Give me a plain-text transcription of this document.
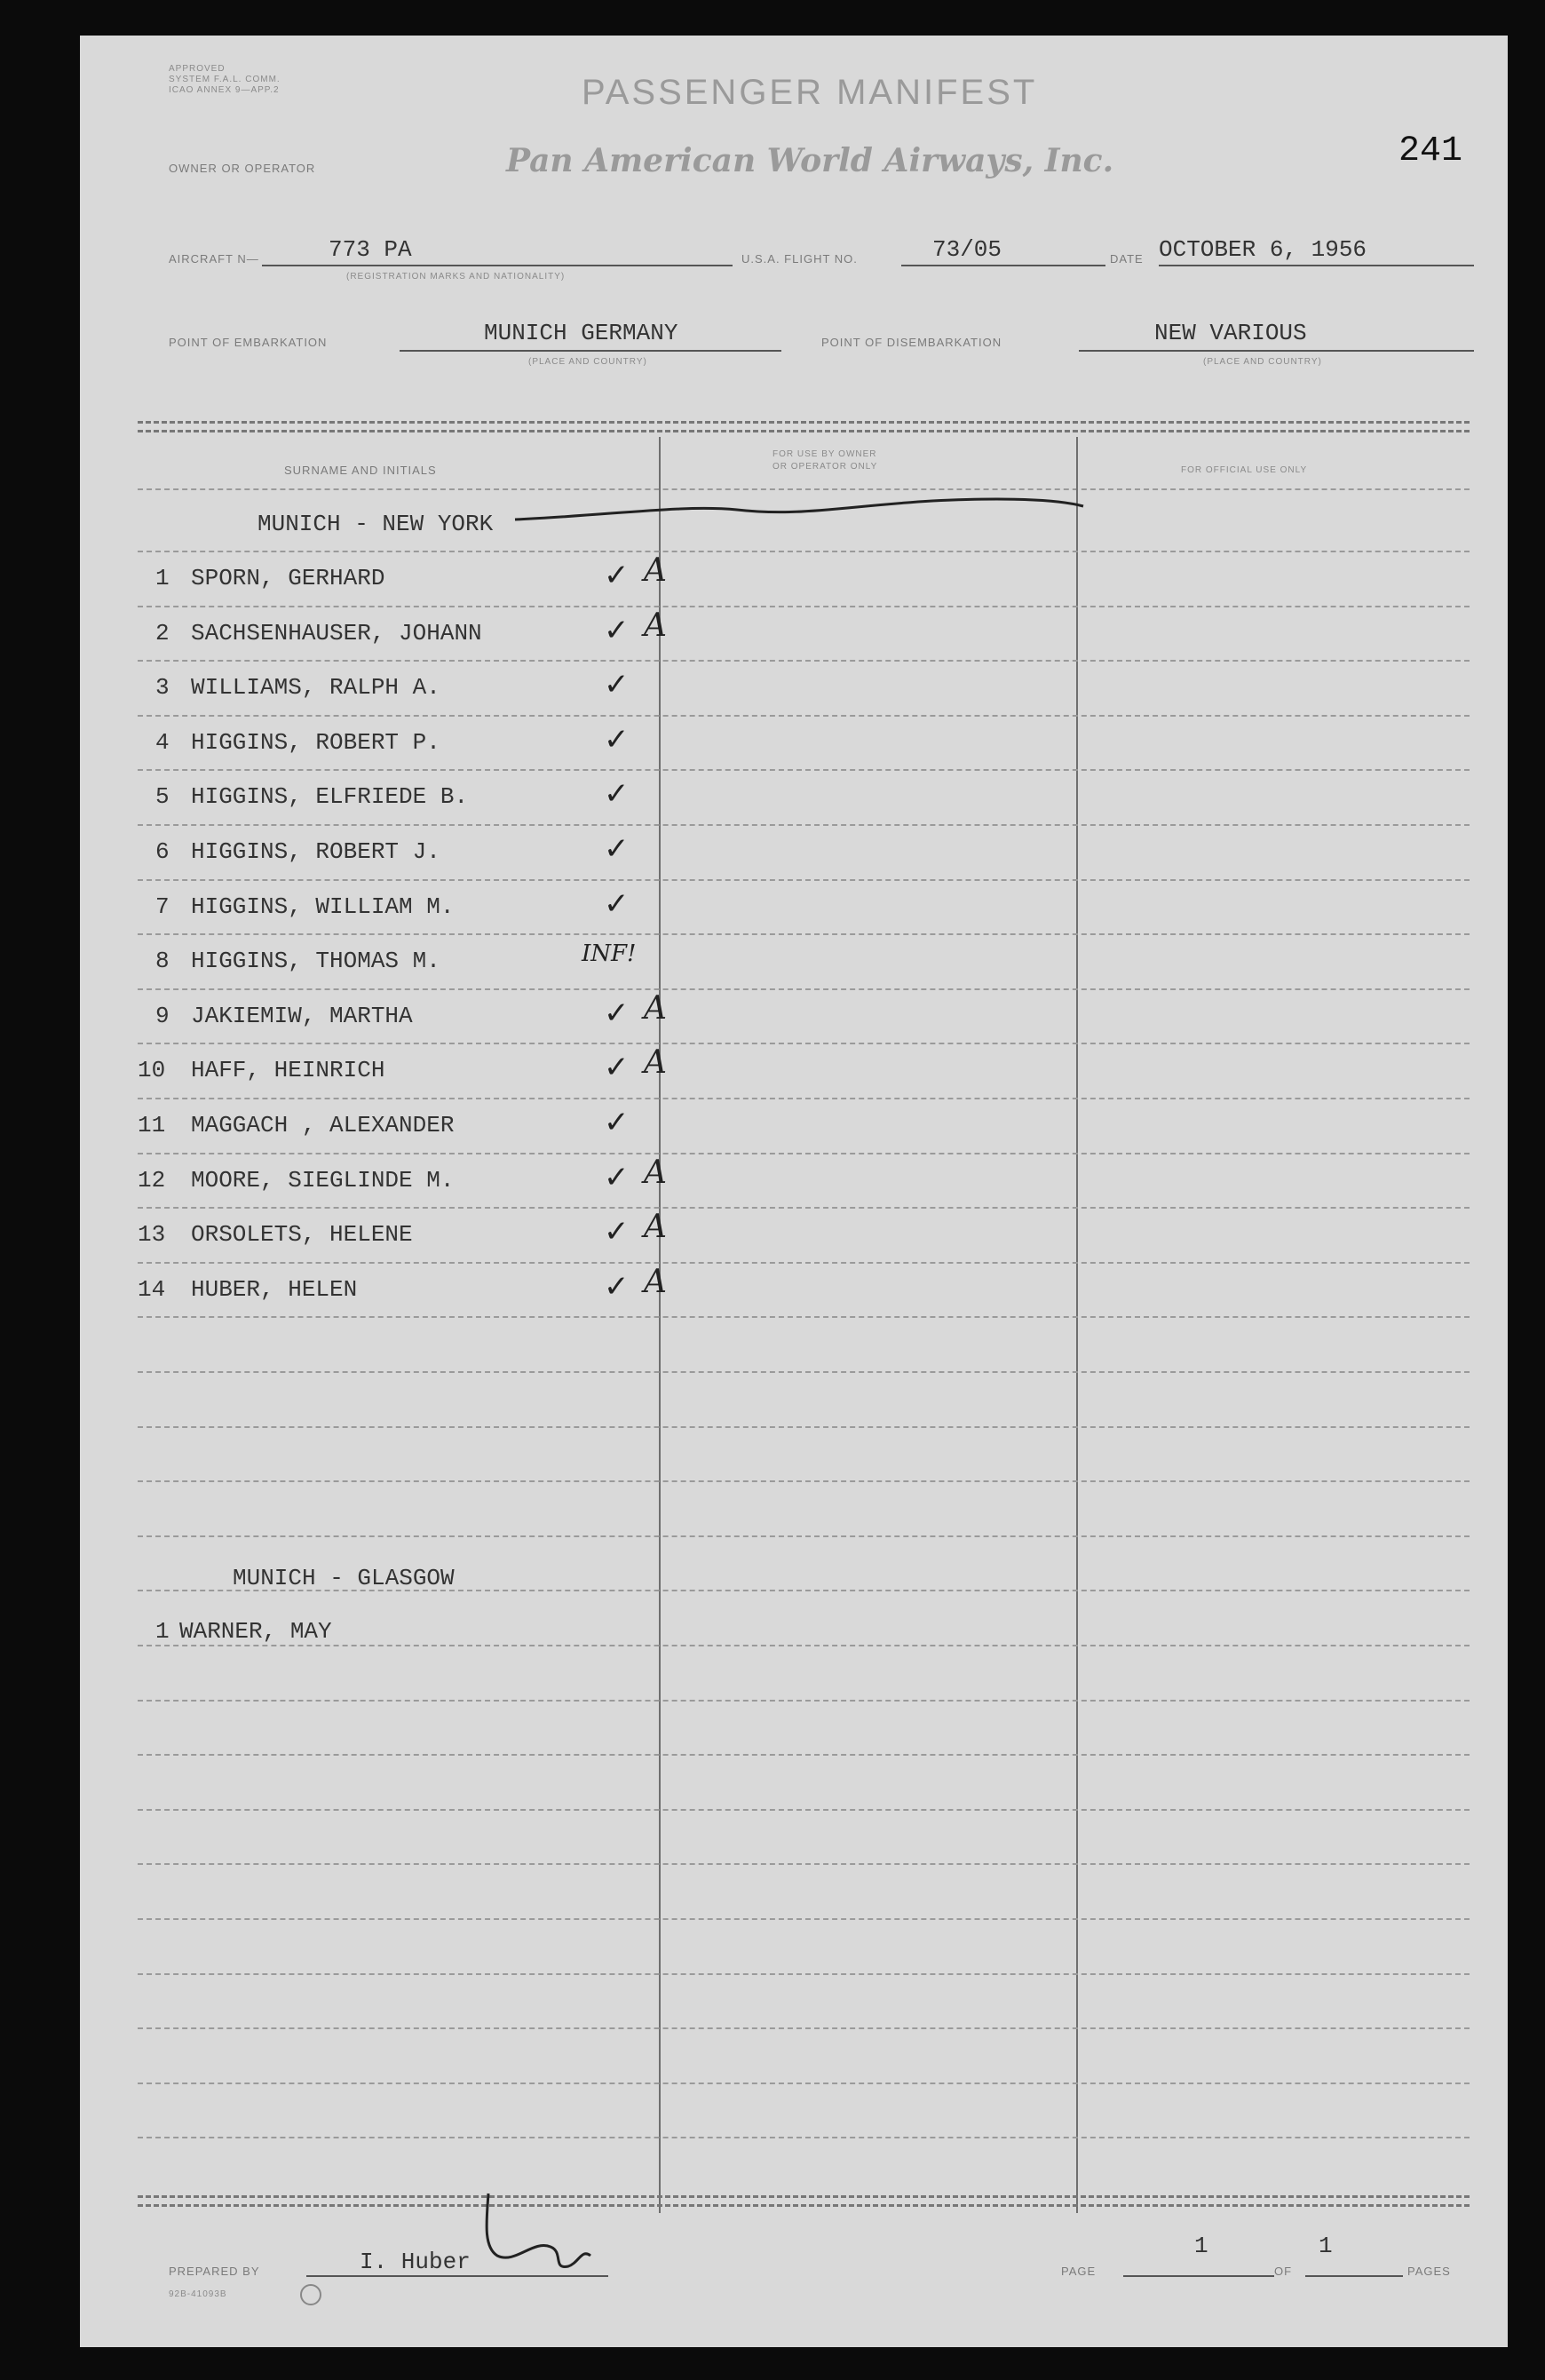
APPROVED
SYSTEM F.A.L. COMM.
ICAO ANNEX 9—APP.2	PASSENGER MANIFEST
241
OWNER OR OPERATOR	Pan American World Airways, Inc.
AIRCRAFT N—	773 PA
(REGISTRATION MARKS AND NATIONALITY)
U.S.A. FLIGHT NO.	73/05	DATE OCTOBER 6, 1956
POINT OF EMBARKATION	MUNICH GERMANY
(PLACE AND COUNTRY)
POINT OF DISEMBARKATION	NEW VARIOUS
(PLACE AND COUNTRY)
SURNAME AND INITIALS
FOR USE BY OWNER
OR OPERATOR ONLY	FOR OFFICIAL USE ONLY
MUNICH - NEW YORK
1 SPORN, GERHARD	✓ A
2 SACHSENHAUSER, JOHANN	✓ A
3 WILLIAMS, RALPH A.	✓
4 HIGGINS, ROBERT P.	✓
5 HIGGINS, ELFRIEDE B.	✓
6 HIGGINS, ROBERT J.	✓
7 HIGGINS, WILLIAM M.	✓
8 HIGGINS, THOMAS M.	INF!
9 JAKIEMIW, MARTHA	✓ A
10 HAFF, HEINRICH	✓ A
11 MAGGACH , ALEXANDER	✓
12 MOORE, SIEGLINDE M.	✓ A
13 ORSOLETS, HELENE	✓ A
14 HUBER, HELEN	✓ A
MUNICH - GLASGOW
1 WARNER, MAY
PREPARED BY	I. Huber
92B-41093B
PAGE
1
OF
1
PAGES
